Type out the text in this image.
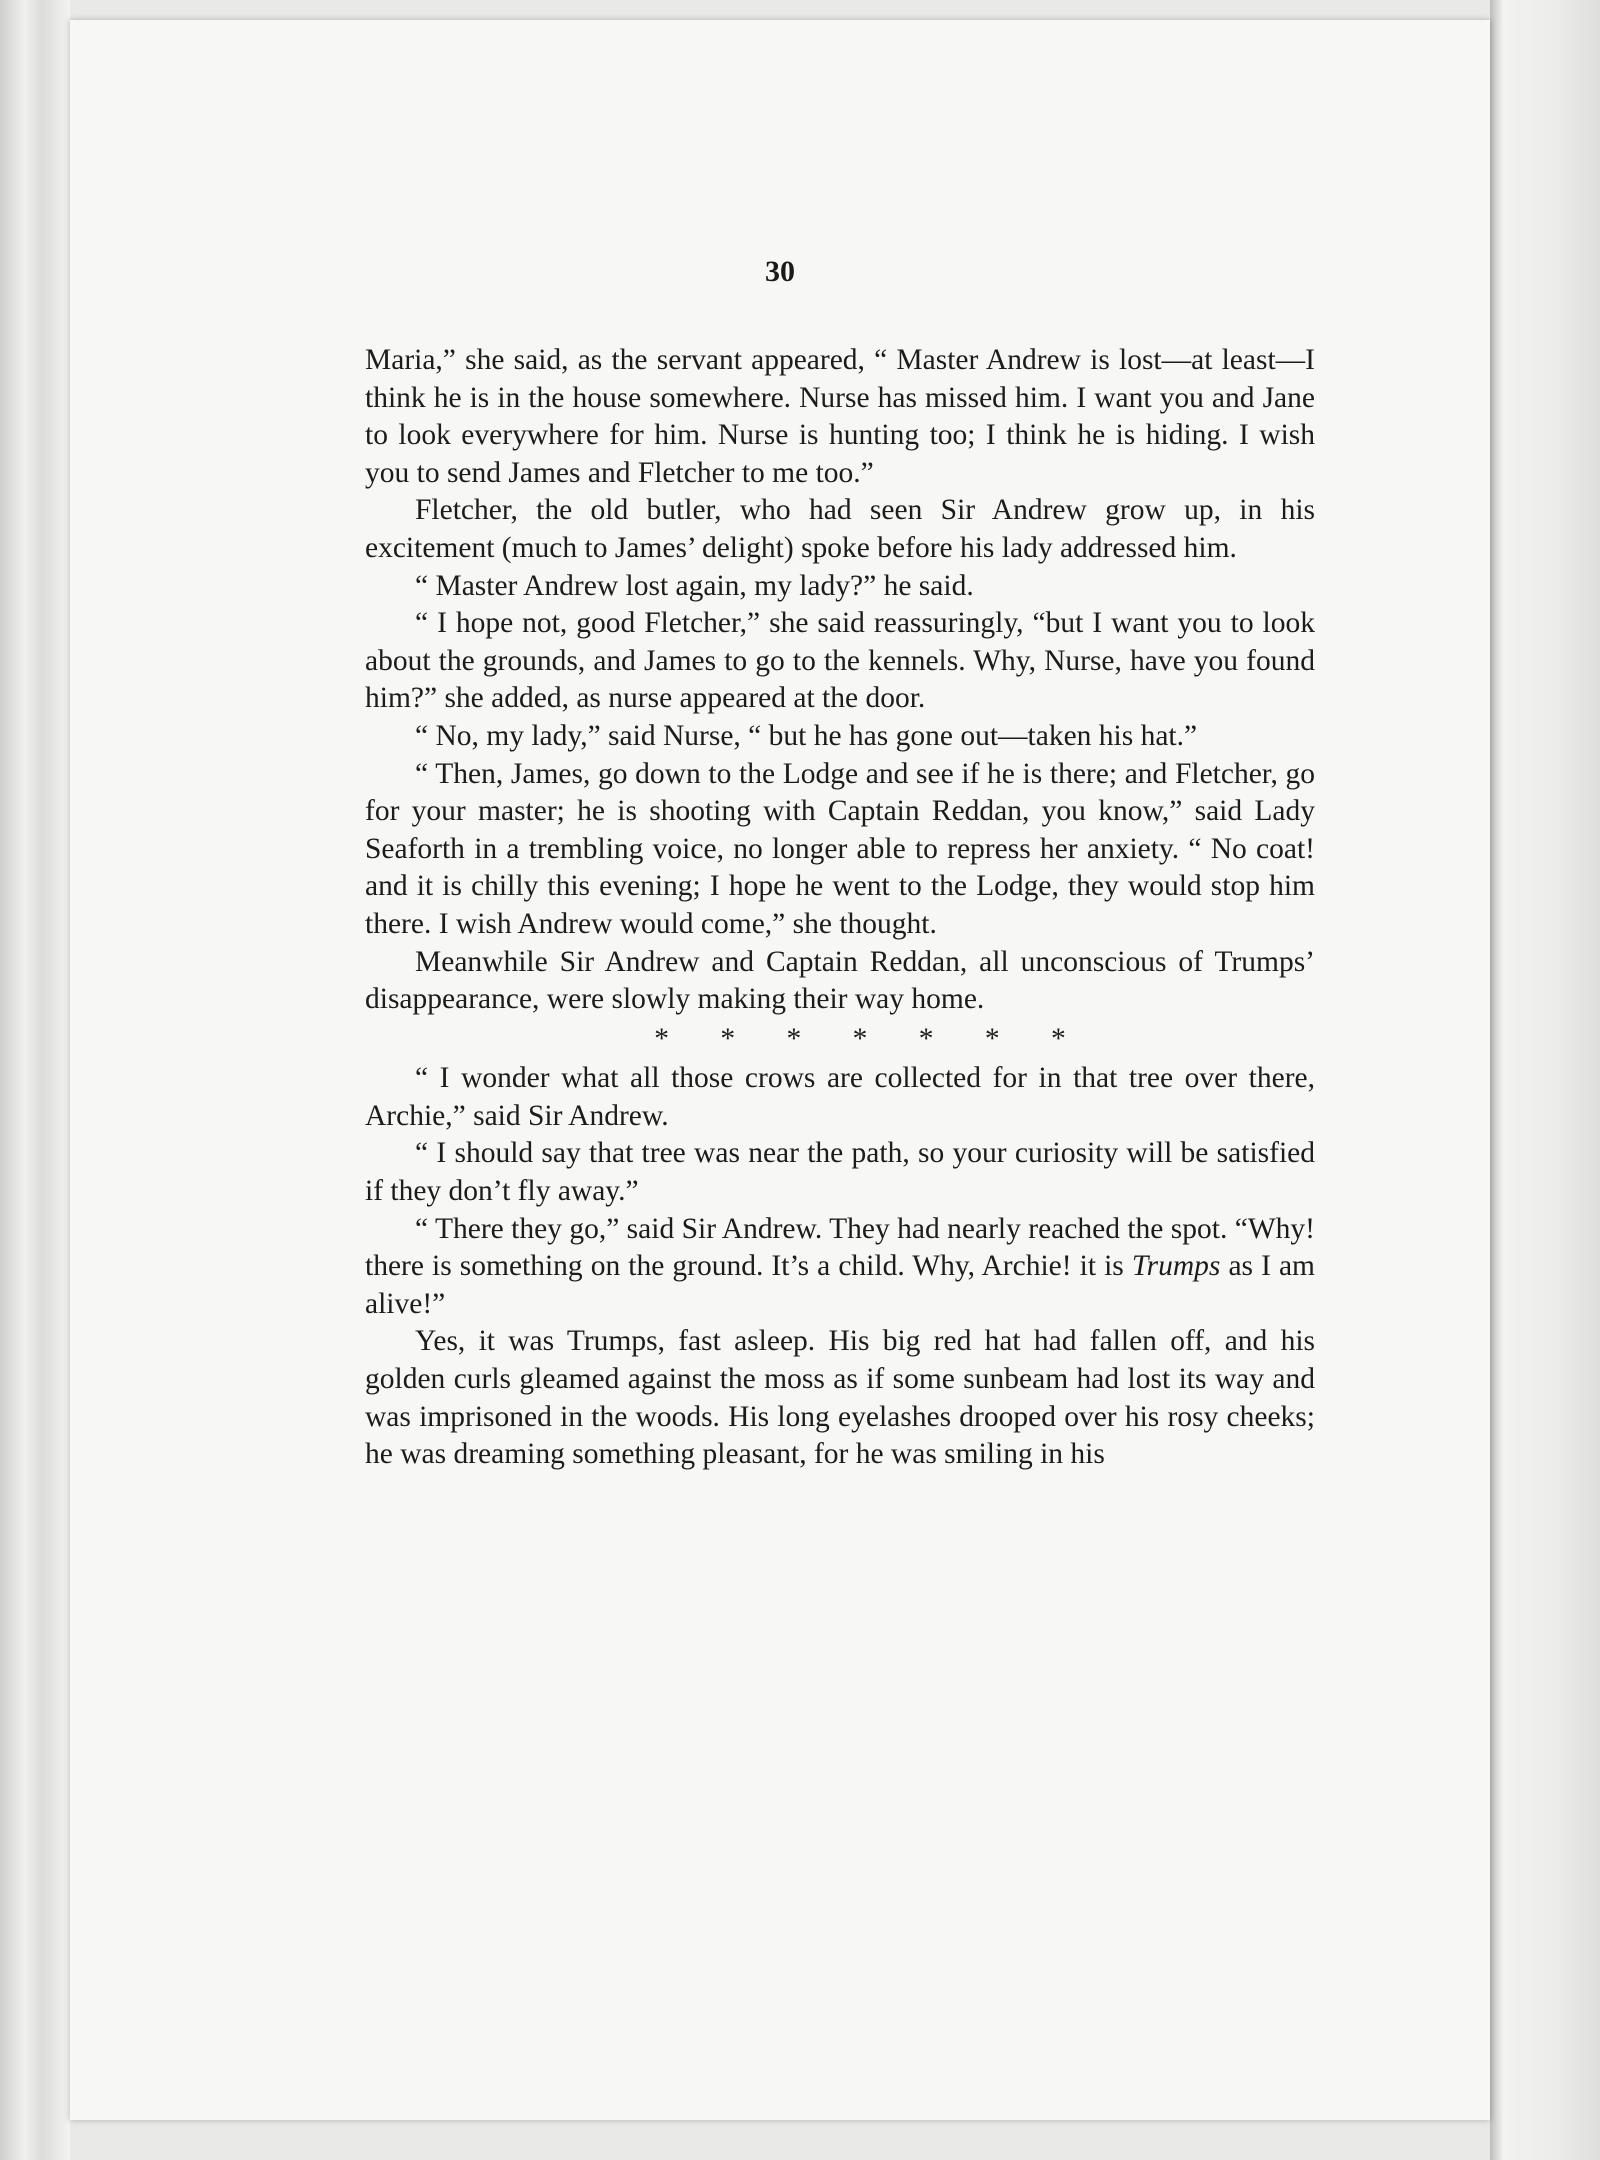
30

Maria,” she said, as the servant appeared, “ Master Andrew is lost—at least—I think he is in the house somewhere. Nurse has missed him. I want you and Jane to look everywhere for him. Nurse is hunting too; I think he is hiding. I wish you to send James and Fletcher to me too.”

Fletcher, the old butler, who had seen Sir Andrew grow up, in his excitement (much to James’ delight) spoke before his lady addressed him.

“ Master Andrew lost again, my lady?” he said.

“ I hope not, good Fletcher,” she said reassuringly, “but I want you to look about the grounds, and James to go to the kennels. Why, Nurse, have you found him?” she added, as nurse appeared at the door.

“ No, my lady,” said Nurse, “ but he has gone out—taken his hat.”

“ Then, James, go down to the Lodge and see if he is there; and Fletcher, go for your master; he is shooting with Captain Reddan, you know,” said Lady Seaforth in a trembling voice, no longer able to repress her anxiety. “ No coat! and it is chilly this evening; I hope he went to the Lodge, they would stop him there. I wish Andrew would come,” she thought.

Meanwhile Sir Andrew and Captain Reddan, all unconscious of Trumps’ disappearance, were slowly making their way home.

* * * * * * *

“ I wonder what all those crows are collected for in that tree over there, Archie,” said Sir Andrew.

“ I should say that tree was near the path, so your curiosity will be satisfied if they don’t fly away.”

“ There they go,” said Sir Andrew. They had nearly reached the spot. “Why! there is something on the ground. It’s a child. Why, Archie! it is Trumps as I am alive!”

Yes, it was Trumps, fast asleep. His big red hat had fallen off, and his golden curls gleamed against the moss as if some sunbeam had lost its way and was imprisoned in the woods. His long eyelashes drooped over his rosy cheeks; he was dreaming something pleasant, for he was smiling in his
